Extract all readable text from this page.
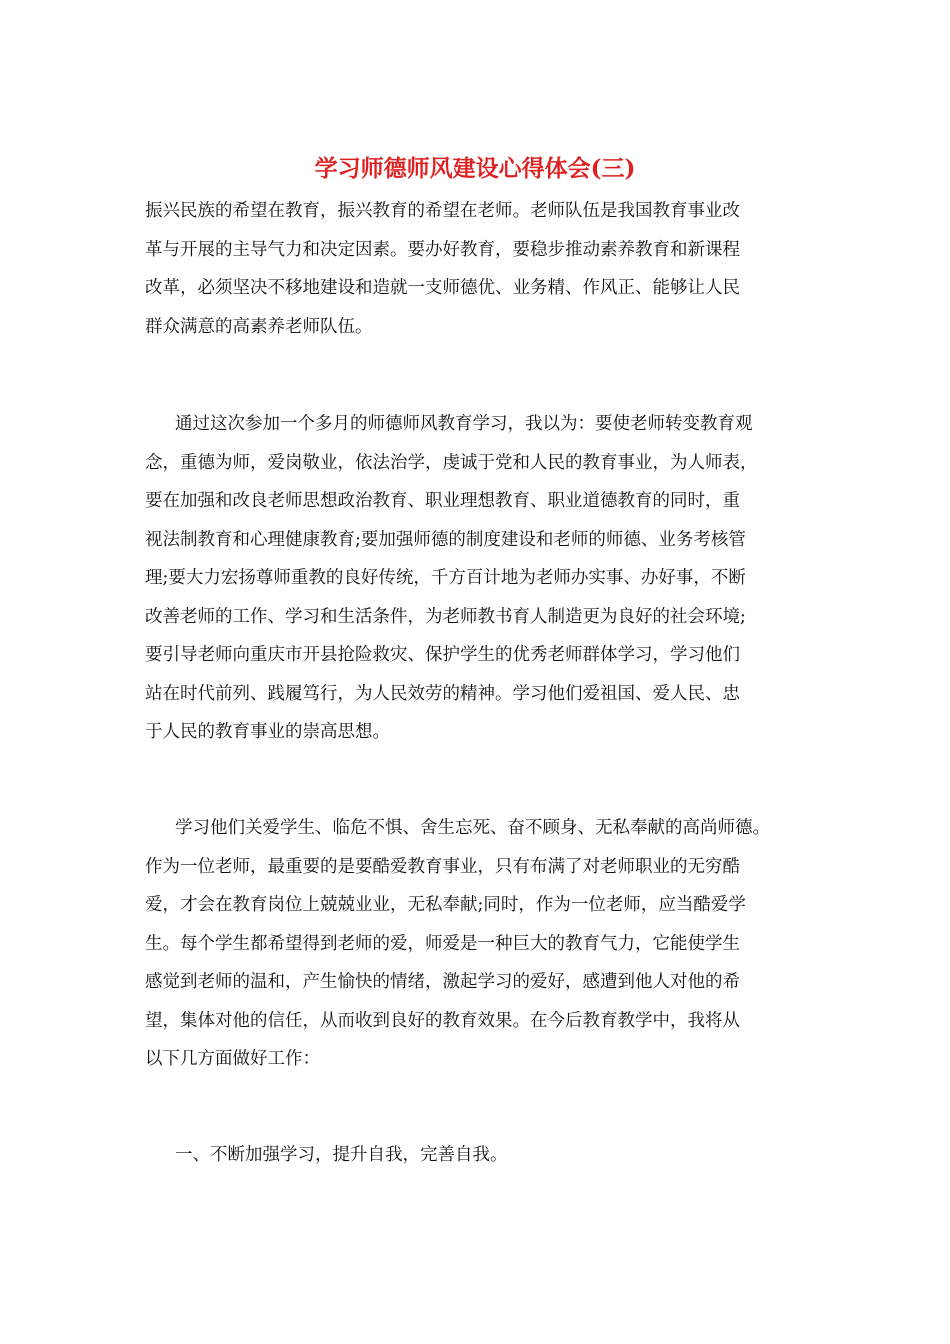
学习师德师风建设心得体会(三)
振兴民族的希望在教育，振兴教育的希望在老师。老师队伍是我国教育事业改
革与开展的主导气力和决定因素。要办好教育，要稳步推动素养教育和新课程
改革，必须坚决不移地建设和造就一支师德优、业务精、作风正、能够让人民
群众满意的高素养老师队伍。
通过这次参加一个多月的师德师风教育学习，我以为：要使老师转变教育观
念，重德为师，爱岗敬业，依法治学，虔诚于党和人民的教育事业，为人师表，
要在加强和改良老师思想政治教育、职业理想教育、职业道德教育的同时，重
视法制教育和心理健康教育;要加强师德的制度建设和老师的师德、业务考核管
理;要大力宏扬尊师重教的良好传统，千方百计地为老师办实事、办好事，不断
改善老师的工作、学习和生活条件，为老师教书育人制造更为良好的社会环境;
要引导老师向重庆市开县抢险救灾、保护学生的优秀老师群体学习，学习他们
站在时代前列、践履笃行，为人民效劳的精神。学习他们爱祖国、爱人民、忠
于人民的教育事业的崇高思想。
学习他们关爱学生、临危不惧、舍生忘死、奋不顾身、无私奉献的高尚师德。
作为一位老师，最重要的是要酷爱教育事业，只有布满了对老师职业的无穷酷
爱，才会在教育岗位上兢兢业业，无私奉献;同时，作为一位老师，应当酷爱学
生。每个学生都希望得到老师的爱，师爱是一种巨大的教育气力，它能使学生
感觉到老师的温和，产生愉快的情绪，激起学习的爱好，感遭到他人对他的希
望，集体对他的信任，从而收到良好的教育效果。在今后教育教学中，我将从
以下几方面做好工作：
一、不断加强学习，提升自我，完善自我。
